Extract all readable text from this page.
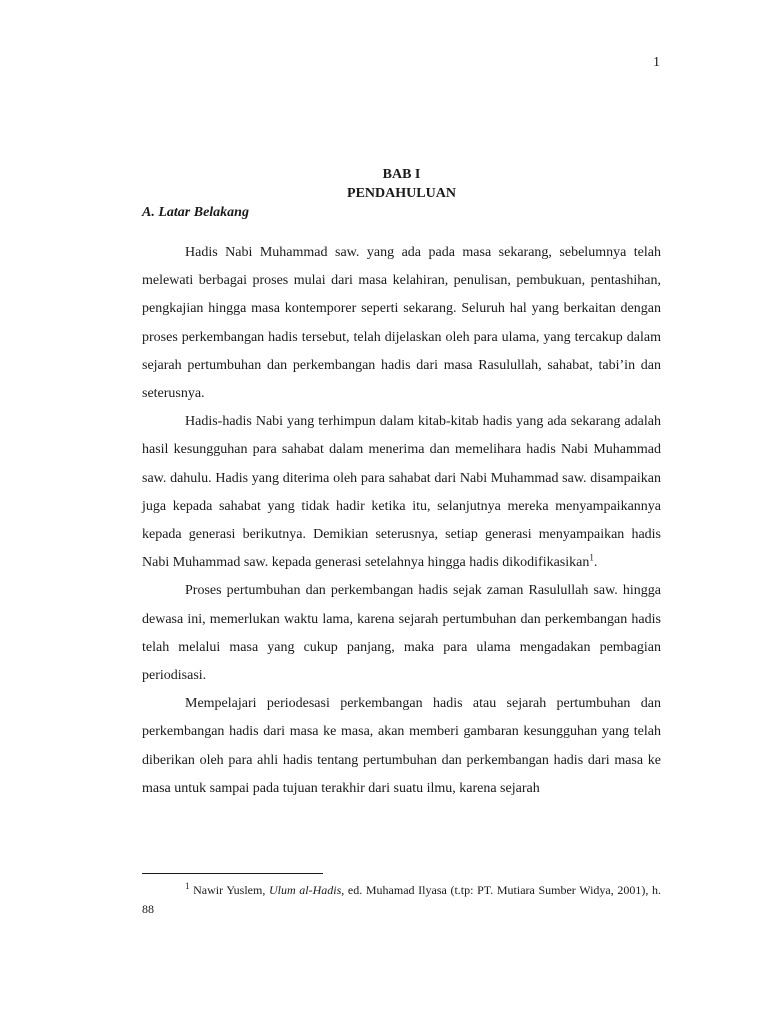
1
BAB I
PENDAHULUAN
A. Latar Belakang

Hadis Nabi Muhammad saw. yang ada pada masa sekarang, sebelumnya telah melewati berbagai proses mulai dari masa kelahiran, penulisan, pembukuan, pentashihan, pengkajian hingga masa kontemporer seperti sekarang. Seluruh hal yang berkaitan dengan proses perkembangan hadis tersebut, telah dijelaskan oleh para ulama, yang tercakup dalam sejarah pertumbuhan dan perkembangan hadis dari masa Rasulullah, sahabat, tabi’in dan seterusnya.

Hadis-hadis Nabi yang terhimpun dalam kitab-kitab hadis yang ada sekarang adalah hasil kesungguhan para sahabat dalam menerima dan memelihara hadis Nabi Muhammad saw. dahulu. Hadis yang diterima oleh para sahabat dari Nabi Muhammad saw. disampaikan juga kepada sahabat yang tidak hadir ketika itu, selanjutnya mereka menyampaikannya kepada generasi berikutnya. Demikian seterusnya, setiap generasi menyampaikan hadis Nabi Muhammad saw. kepada generasi setelahnya hingga hadis dikodifikasikan$^1$.

Proses pertumbuhan dan perkembangan hadis sejak zaman Rasulullah saw. hingga dewasa ini, memerlukan waktu lama, karena sejarah pertumbuhan dan perkembangan hadis telah melalui masa yang cukup panjang, maka para ulama mengadakan pembagian periodisasi.

Mempelajari periodesasi perkembangan hadis atau sejarah pertumbuhan dan perkembangan hadis dari masa ke masa, akan memberi gambaran kesungguhan yang telah diberikan oleh para ahli hadis tentang pertumbuhan dan perkembangan hadis dari masa ke masa untuk sampai pada tujuan terakhir dari suatu ilmu, karena sejarah

$^1$ Nawir Yuslem, Ulum al-Hadis, ed. Muhamad Ilyasa (t.tp: PT. Mutiara Sumber Widya, 2001), h. 88
